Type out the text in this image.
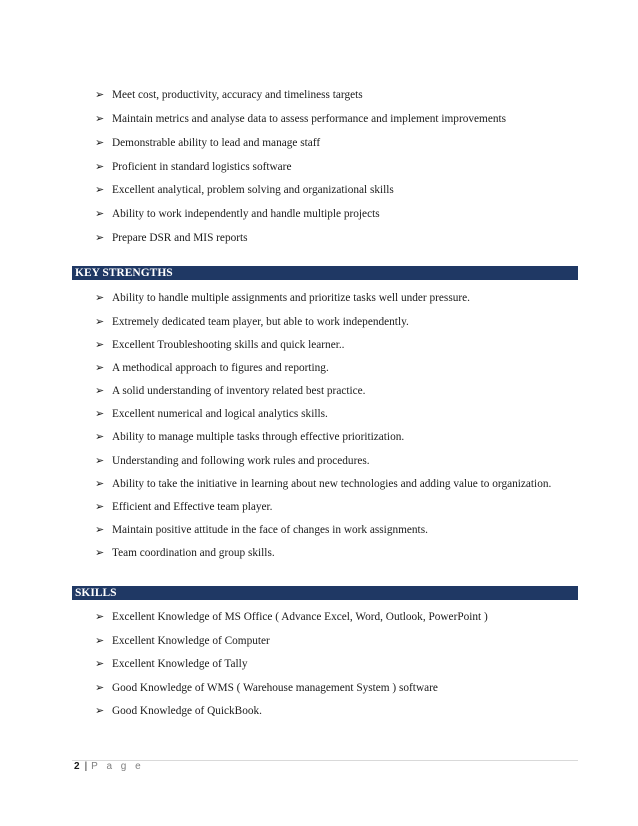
➢ Meet cost, productivity, accuracy and timeliness targets
➢ Maintain metrics and analyse data to assess performance and implement improvements
➢ Demonstrable ability to lead and manage staff
➢ Proficient in standard logistics software
➢ Excellent analytical, problem solving and organizational skills
➢ Ability to work independently and handle multiple projects
➢ Prepare DSR and MIS reports
KEY STRENGTHS
➢ Ability to handle multiple assignments and prioritize tasks well under pressure.
➢ Extremely dedicated team player, but able to work independently.
➢ Excellent Troubleshooting skills and quick learner..
➢ A methodical approach to figures and reporting.
➢ A solid understanding of inventory related best practice.
➢ Excellent numerical and logical analytics skills.
➢ Ability to manage multiple tasks through effective prioritization.
➢ Understanding and following work rules and procedures.
➢ Ability to take the initiative in learning about new technologies and adding value to organization.
➢ Efficient and Effective team player.
➢ Maintain positive attitude in the face of changes in work assignments.
➢ Team coordination and group skills.
SKILLS
➢ Excellent Knowledge of MS Office ( Advance Excel, Word, Outlook, PowerPoint )
➢ Excellent Knowledge of Computer
➢ Excellent Knowledge of Tally
➢ Good Knowledge of WMS ( Warehouse management System ) software
➢ Good Knowledge of QuickBook.
2 | P a g e
